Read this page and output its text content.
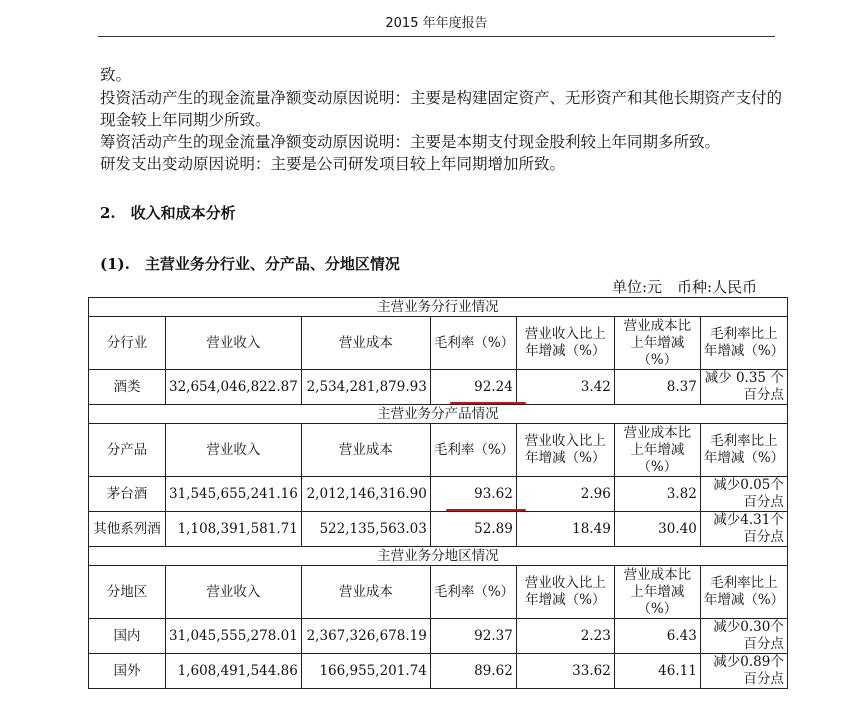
2015 年年度报告
致。
投资活动产生的现金流量净额变动原因说明：主要是构建固定资产、无形资产和其他长期资产支付的现金较上年同期少所致。
筹资活动产生的现金流量净额变动原因说明：主要是本期支付现金股利较上年同期多所致。
研发支出变动原因说明：主要是公司研发项目较上年同期增加所致。
2.　收入和成本分析
(1).　主营业务分行业、分产品、分地区情况
单位:元　币种:人民币
主营业务分行业情况						
分行业	营业收入	营业成本	毛利率（%）	营业收入比上年增减（%）	营业成本比上年增减（%）	毛利率比上年增减（%）
酒类	32,654,046,822.87	2,534,281,879.93	92.24	3.42	8.37	减少 0.35 个百分点
主营业务分产品情况						
分产品	营业收入	营业成本	毛利率（%）	营业收入比上年增减（%）	营业成本比上年增减（%）	毛利率比上年增减（%）
茅台酒	31,545,655,241.16	2,012,146,316.90	93.62	2.96	3.82	减少0.05个百分点
其他系列酒	1,108,391,581.71	522,135,563.03	52.89	18.49	30.40	减少4.31个百分点
主营业务分地区情况						
分地区	营业收入	营业成本	毛利率（%）	营业收入比上年增减（%）	营业成本比上年增减（%）	毛利率比上年增减（%）
国内	31,045,555,278.01	2,367,326,678.19	92.37	2.23	6.43	减少0.30个百分点
国外	1,608,491,544.86	166,955,201.74	89.62	33.62	46.11	减少0.89个百分点
